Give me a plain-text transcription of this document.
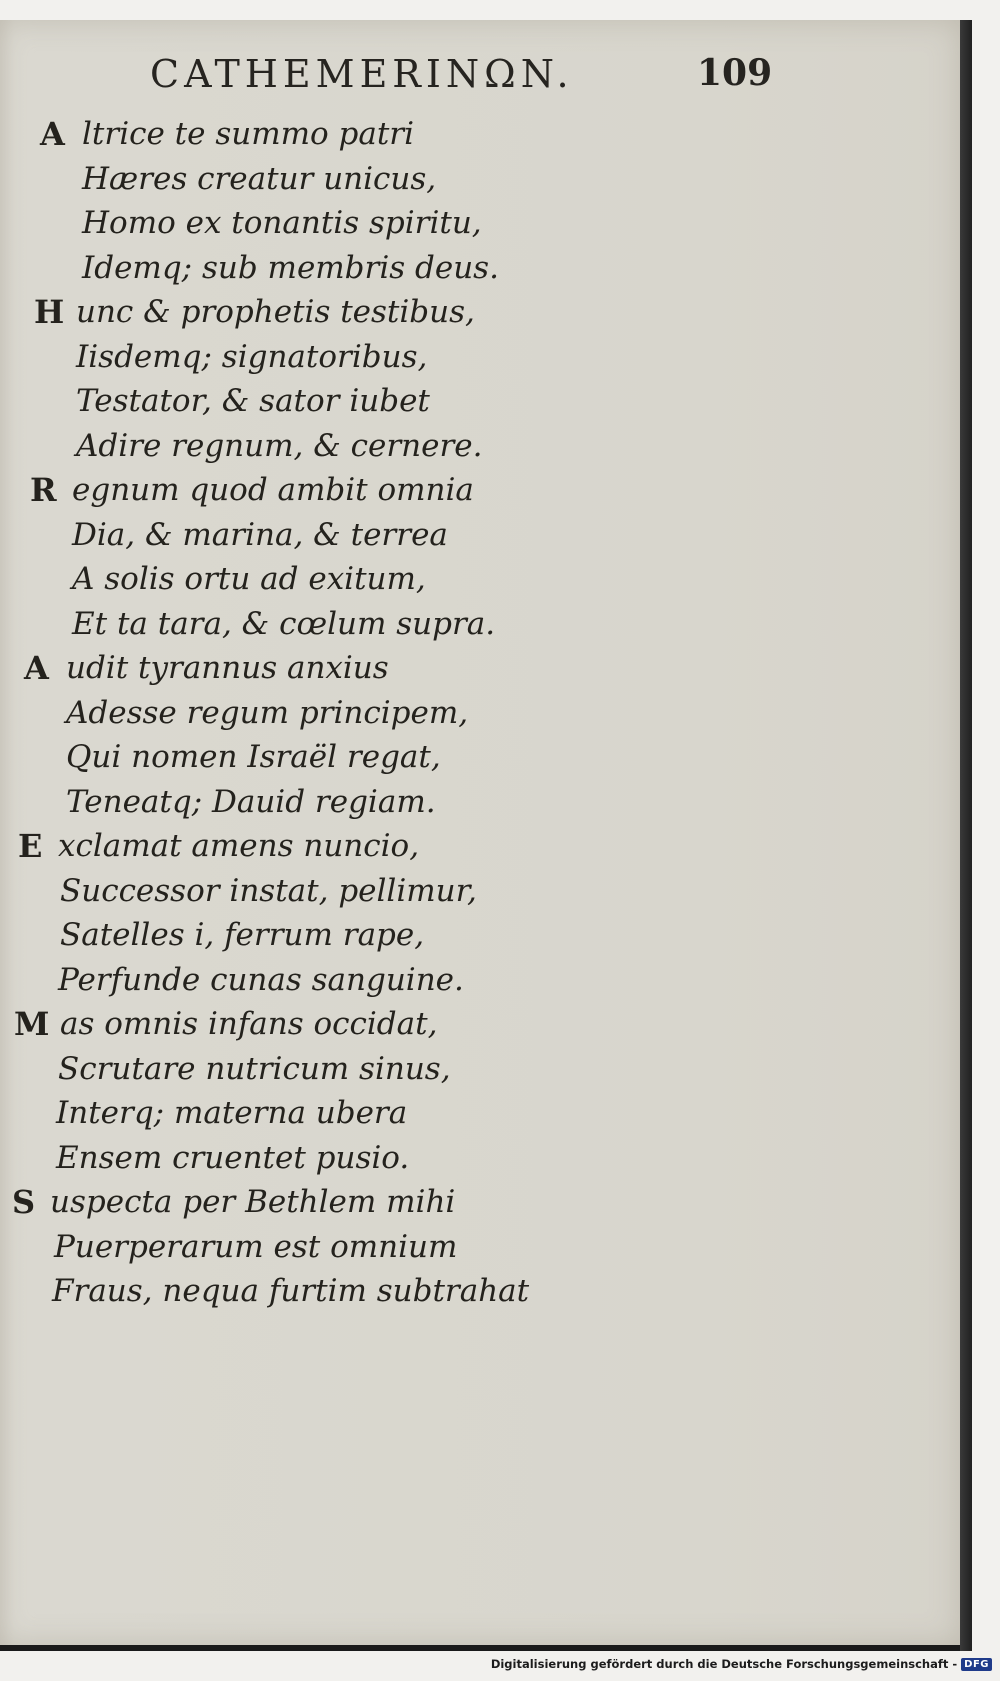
CATHEMERINΩN.	109
A ltrice te summo patri
Hæres creatur unicus,
Homo ex tonantis spiritu,
Idemq; sub membris deus.
H unc & prophetis testibus,
Iisdemq; signatoribus,
Testator, & sator iubet
Adire regnum, & cernere.
R egnum quod ambit omnia
Dia, & marina, & terrea
A solis ortu ad exitum,
Et ta tara, & cœlum supra.
A udit tyrannus anxius
Adesse regum principem,
Qui nomen Israël regat,
Teneatq; Dauid regiam.
E xclamat amens nuncio,
Successor instat, pellimur,
Satelles i, ferrum rape,
Perfunde cunas sanguine.
M as omnis infans occidat,
Scrutare nutricum sinus,
Interq; materna ubera
Ensem cruentet pusio.
S uspecta per Bethlem mihi
Puerperarum est omnium
Fraus, nequa furtim subtrahat
Digitalisierung gefördert durch die Deutsche Forschungsgemeinschaft - DFG
